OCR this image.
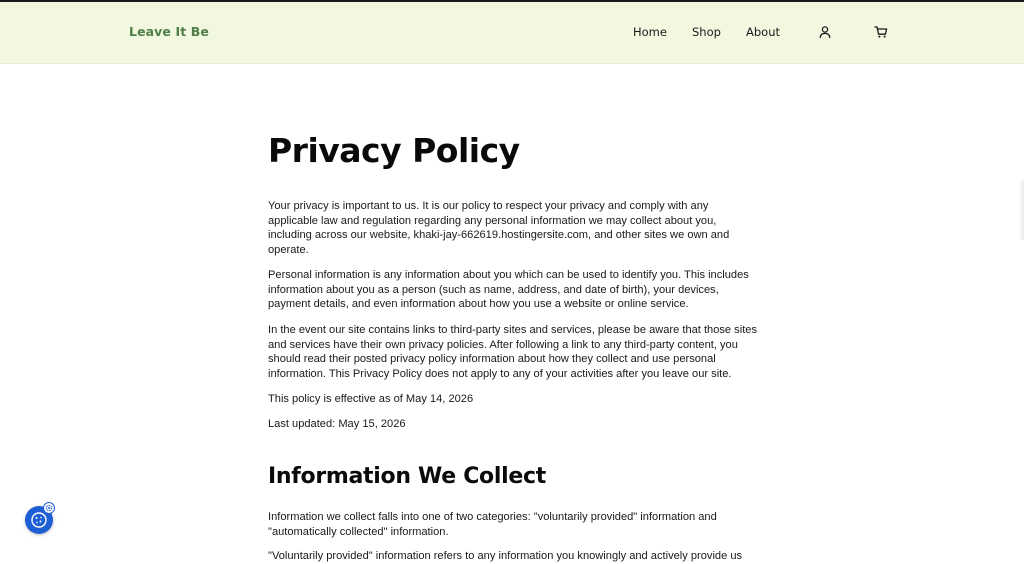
Leave It Be	Home Shop About
Privacy Policy

Your privacy is important to us. It is our policy to respect your privacy and comply with any applicable law and regulation regarding any personal information we may collect about you, including across our website, khaki-jay-662619.hostingersite.com, and other sites we own and operate.

Personal information is any information about you which can be used to identify you. This includes information about you as a person (such as name, address, and date of birth), your devices, payment details, and even information about how you use a website or online service.

In the event our site contains links to third-party sites and services, please be aware that those sites and services have their own privacy policies. After following a link to any third-party content, you should read their posted privacy policy information about how they collect and use personal information. This Privacy Policy does not apply to any of your activities after you leave our site.

This policy is effective as of May 14, 2026

Last updated: May 15, 2026

Information We Collect

Information we collect falls into one of two categories: "voluntarily provided" information and "automatically collected" information.

"Voluntarily provided" information refers to any information you knowingly and actively provide us
